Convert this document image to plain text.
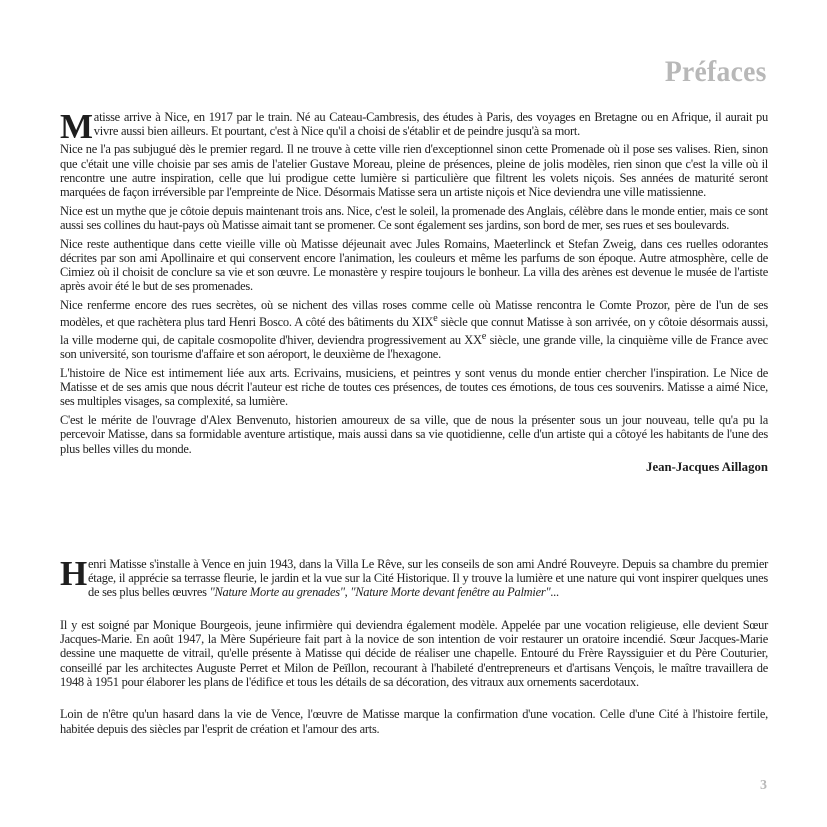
Préfaces

Matisse arrive à Nice, en 1917 par le train. Né au Cateau-Cambresis, des études à Paris, des voyages en Bretagne ou en Afrique, il aurait pu vivre aussi bien ailleurs. Et pourtant, c'est à Nice qu'il a choisi de s'établir et de peindre jusqu'à sa mort.

Nice ne l'a pas subjugué dès le premier regard. Il ne trouve à cette ville rien d'exceptionnel sinon cette Promenade où il pose ses valises. Rien, sinon que c'était une ville choisie par ses amis de l'atelier Gustave Moreau, pleine de présences, pleine de jolis modèles, rien sinon que c'est la ville où il rencontre une autre inspiration, celle que lui prodigue cette lumière si particulière que filtrent les volets niçois. Ses années de maturité seront marquées de façon irréversible par l'empreinte de Nice. Désormais Matisse sera un artiste niçois et Nice deviendra une ville matissienne.

Nice est un mythe que je côtoie depuis maintenant trois ans. Nice, c'est le soleil, la promenade des Anglais, célèbre dans le monde entier, mais ce sont aussi ses collines du haut-pays où Matisse aimait tant se promener. Ce sont également ses jardins, son bord de mer, ses rues et ses boulevards.

Nice reste authentique dans cette vieille ville où Matisse déjeunait avec Jules Romains, Maeterlinck et Stefan Zweig, dans ces ruelles odorantes décrites par son ami Apollinaire et qui conservent encore l'animation, les couleurs et même les parfums de son époque. Autre atmosphère, celle de Cimiez où il choisit de conclure sa vie et son œuvre. Le monastère y respire toujours le bonheur. La villa des arènes est devenue le musée de l'artiste après avoir été le but de ses promenades.

Nice renferme encore des rues secrètes, où se nichent des villas roses comme celle où Matisse rencontra le Comte Prozor, père de l'un de ses modèles, et que rachètera plus tard Henri Bosco. A côté des bâtiments du XIXe siècle que connut Matisse à son arrivée, on y côtoie désormais aussi, la ville moderne qui, de capitale cosmopolite d'hiver, deviendra progressivement au XXe siècle, une grande ville, la cinquième ville de France avec son université, son tourisme d'affaire et son aéroport, le deuxième de l'hexagone.

L'histoire de Nice est intimement liée aux arts. Ecrivains, musiciens, et peintres y sont venus du monde entier chercher l'inspiration. Le Nice de Matisse et de ses amis que nous décrit l'auteur est riche de toutes ces présences, de toutes ces émotions, de tous ces souvenirs. Matisse a aimé Nice, ses multiples visages, sa complexité, sa lumière.

C'est le mérite de l'ouvrage d'Alex Benvenuto, historien amoureux de sa ville, que de nous la présenter sous un jour nouveau, telle qu'a pu la percevoir Matisse, dans sa formidable aventure artistique, mais aussi dans sa vie quotidienne, celle d'un artiste qui a côtoyé les habitants de l'une des plus belles villes du monde.

Jean-Jacques Aillagon

Henri Matisse s'installe à Vence en juin 1943, dans la Villa Le Rêve, sur les conseils de son ami André Rouveyre. Depuis sa chambre du premier étage, il apprécie sa terrasse fleurie, le jardin et la vue sur la Cité Historique. Il y trouve la lumière et une nature qui vont inspirer quelques unes de ses plus belles œuvres ''Nature Morte au grenades'', ''Nature Morte devant fenêtre au Palmier''...

Il y est soigné par Monique Bourgeois, jeune infirmière qui deviendra également modèle. Appelée par une vocation religieuse, elle devient Sœur Jacques-Marie. En août 1947, la Mère Supérieure fait part à la novice de son intention de voir restaurer un oratoire incendié. Sœur Jacques-Marie dessine une maquette de vitrail, qu'elle présente à Matisse qui décide de réaliser une chapelle. Entouré du Frère Rayssiguier et du Père Couturier, conseillé par les architectes Auguste Perret et Milon de Peïllon, recourant à l'habileté d'entrepreneurs et d'artisans Vençois, le maître travaillera de 1948 à 1951 pour élaborer les plans de l'édifice et tous les détails de sa décoration, des vitraux aux ornements sacerdotaux.

Loin de n'être qu'un hasard dans la vie de Vence, l'œuvre de Matisse marque la confirmation d'une vocation. Celle d'une Cité à l'histoire fertile, habitée depuis des siècles par l'esprit de création et l'amour des arts.

3
